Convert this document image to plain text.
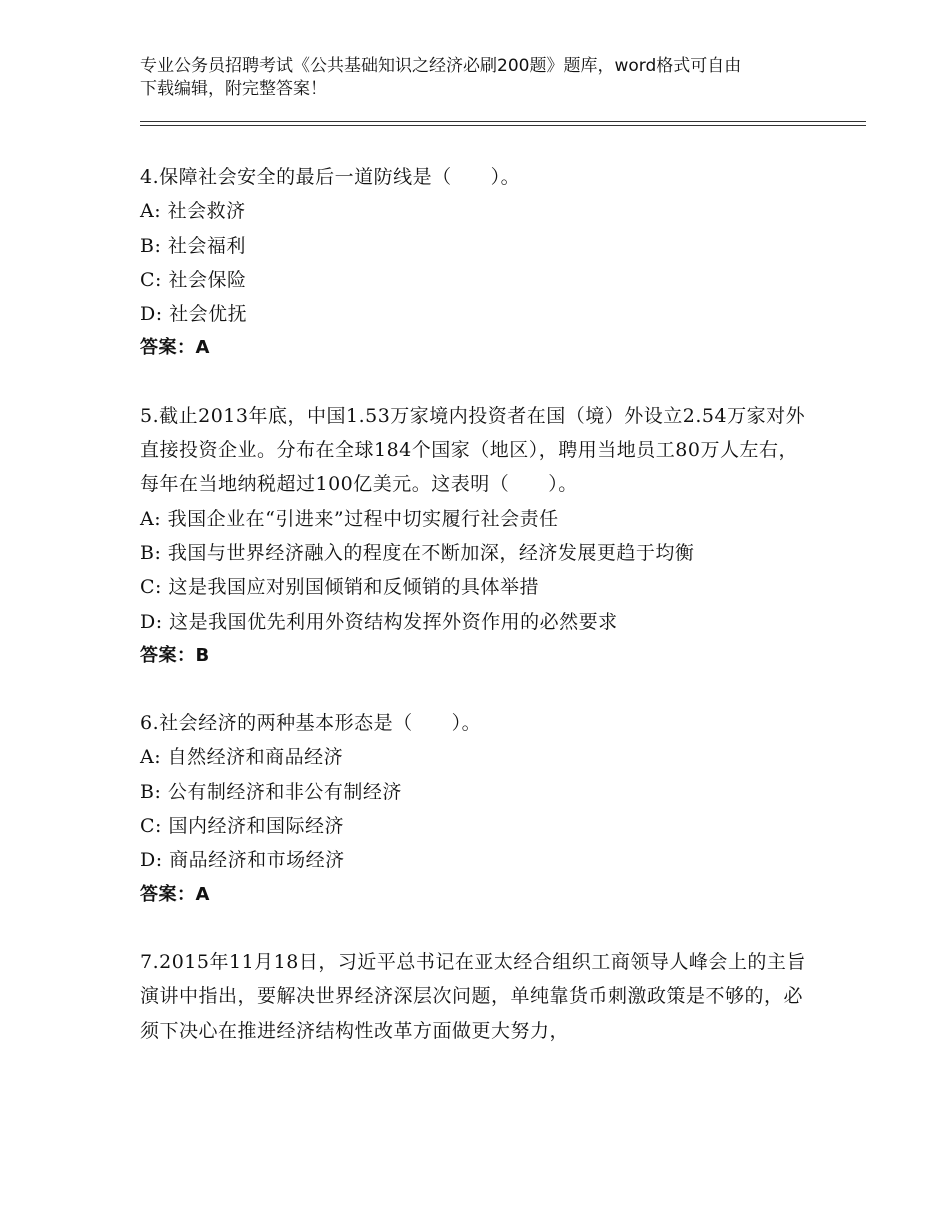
专业公务员招聘考试《公共基础知识之经济必刷200题》题库，word格式可自由
下载编辑，附完整答案！

4.保障社会安全的最后一道防线是（　　）。

A: 社会救济

B: 社会福利

C: 社会保险

D: 社会优抚

答案：A

5.截止2013年底，中国1.53万家境内投资者在国（境）外设立2.54万家对外直接投资企业。分布在全球184个国家（地区），聘用当地员工80万人左右，每年在当地纳税超过100亿美元。这表明（　　）。

A: 我国企业在“引进来”过程中切实履行社会责任

B: 我国与世界经济融入的程度在不断加深，经济发展更趋于均衡

C: 这是我国应对别国倾销和反倾销的具体举措

D: 这是我国优先利用外资结构发挥外资作用的必然要求

答案：B

6.社会经济的两种基本形态是（　　）。

A: 自然经济和商品经济

B: 公有制经济和非公有制经济

C: 国内经济和国际经济

D: 商品经济和市场经济

答案：A

7.2015年11月18日，习近平总书记在亚太经合组织工商领导人峰会上的主旨演讲中指出，要解决世界经济深层次问题，单纯靠货币刺激政策是不够的，必须下决心在推进经济结构性改革方面做更大努力，
